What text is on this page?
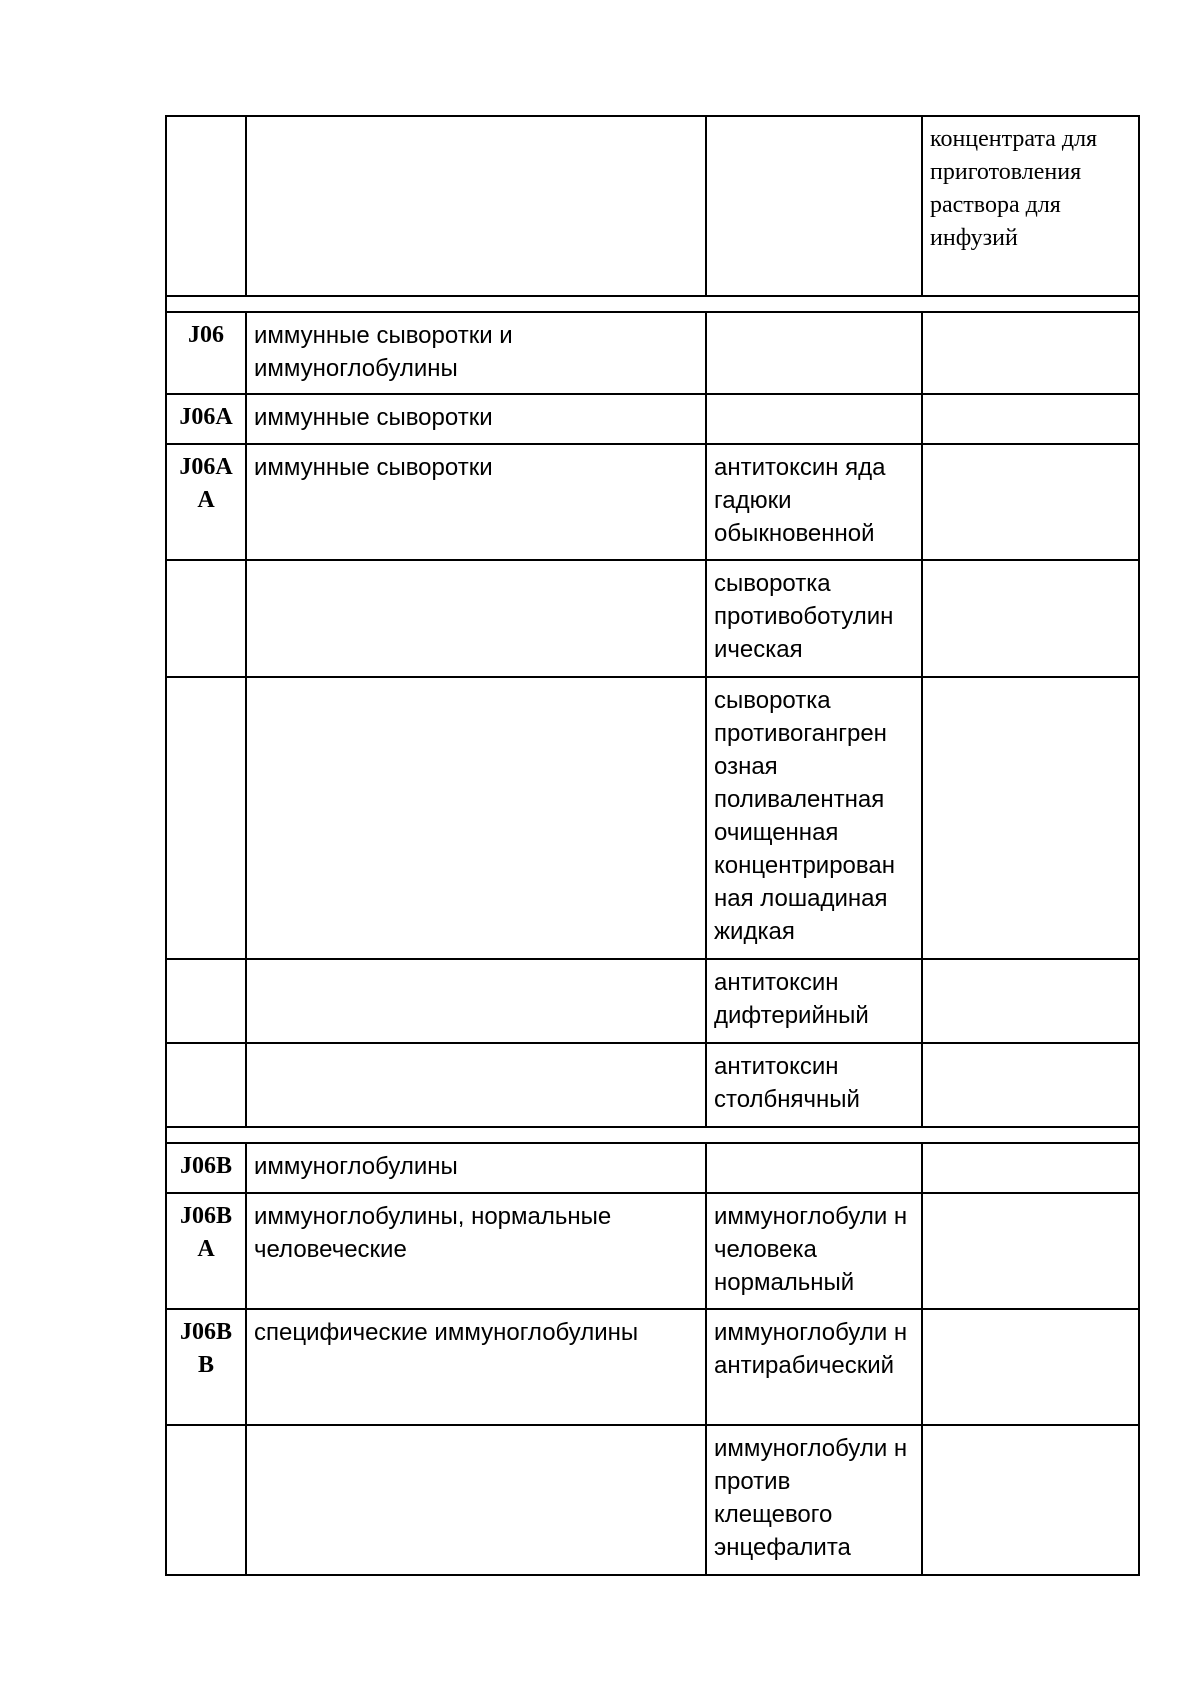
			концентрата для приготовления раствора для инфузий

J06	иммунные сыворотки и иммуноглобулины		
J06A	иммунные сыворотки		
J06AA	иммунные сыворотки	антитоксин яда гадюки обыкновенной	
		сыворотка противоботулин ическая	
		сыворотка противогангрен озная поливалентная очищенная концентрирован ная лошадиная жидкая	
		антитоксин дифтерийный	
		антитоксин столбнячный	

J06B	иммуноглобулины		
J06BA	иммуноглобулины, нормальные человеческие	иммуноглобули н человека нормальный	
J06BB	специфические иммуноглобулины	иммуноглобули н антирабический	
		иммуноглобули н против клещевого энцефалита	
